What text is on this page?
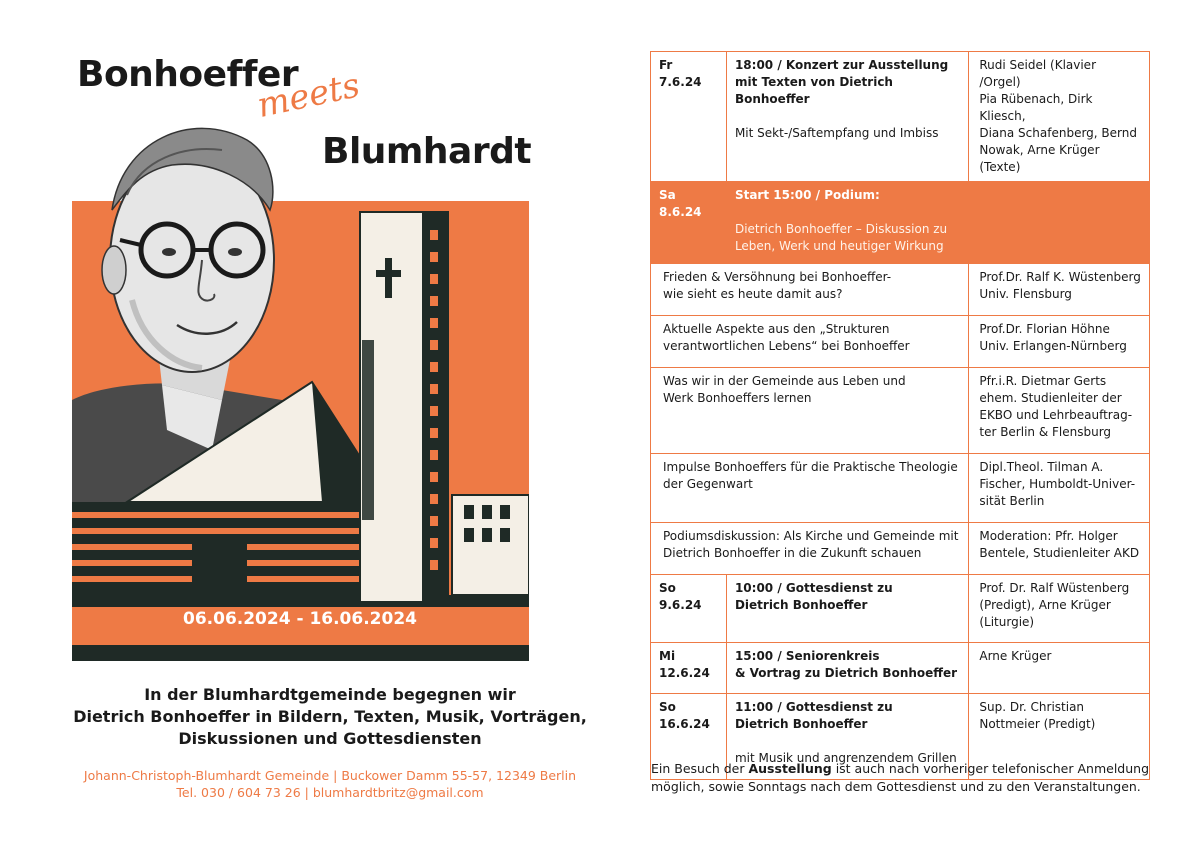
06.06.2024 - 16.06.2024
Bonhoeffer
meets
Blumhardt
In der Blumhardtgemeinde begegnen wir
Dietrich Bonhoeffer in Bildern, Texten, Musik, Vorträgen,
Diskussionen und Gottesdiensten
Johann-Christoph-Blumhardt Gemeinde | Buckower Damm 55-57, 12349 Berlin
Tel. 030 / 604 73 26 | blumhardtbritz@gmail.com
Fr 7.6.24	18:00 / Konzert zur Ausstellung
mit Texten von Dietrich Bonhoeffer
Mit Sekt-/Saftempfang und Imbiss	Rudi Seidel (Klavier /Orgel)
Pia Rübenach, Dirk Kliesch,
Diana Schafenberg, Bernd
Nowak, Arne Krüger (Texte)

Sa 8.6.24	Start 15:00 / Podium:
Dietrich Bonhoeffer – Diskussion zu
Leben, Werk und heutiger Wirkung	

Frieden & Versöhnung bei Bonhoeffer-
wie sieht es heute damit aus?		Prof.Dr. Ralf K. Wüstenberg
Univ. Flensburg

Aktuelle Aspekte aus den „Strukturen
verantwortlichen Lebens“ bei Bonhoeffer		Prof.Dr. Florian Höhne
Univ. Erlangen-Nürnberg

Was wir in der Gemeinde aus Leben und
Werk Bonhoeffers lernen		Pfr.i.R. Dietmar Gerts
ehem. Studienleiter der
EKBO und Lehrbeauftrag-
ter Berlin & Flensburg

Impulse Bonhoeffers für die Praktische Theologie
der Gegenwart		Dipl.Theol. Tilman A.
Fischer, Humboldt-Univer-
sität Berlin

Podiumsdiskussion: Als Kirche und Gemeinde mit
Dietrich Bonhoeffer in die Zukunft schauen		Moderation: Pfr. Holger
Bentele, Studienleiter AKD

So 9.6.24	10:00 / Gottesdienst zu
Dietrich Bonhoeffer	Prof. Dr. Ralf Wüstenberg
(Predigt), Arne Krüger
(Liturgie)

Mi 12.6.24	15:00 / Seniorenkreis
& Vortrag zu Dietrich Bonhoeffer	Arne Krüger

So 16.6.24	11:00 / Gottesdienst zu
Dietrich Bonhoeffer
mit Musik und angrenzendem Grillen	Sup. Dr. Christian
Nottmeier (Predigt)
Ein Besuch der Ausstellung ist auch nach vorheriger telefonischer Anmeldung möglich, sowie Sonntags nach dem Gottesdienst und zu den Veranstaltungen.
